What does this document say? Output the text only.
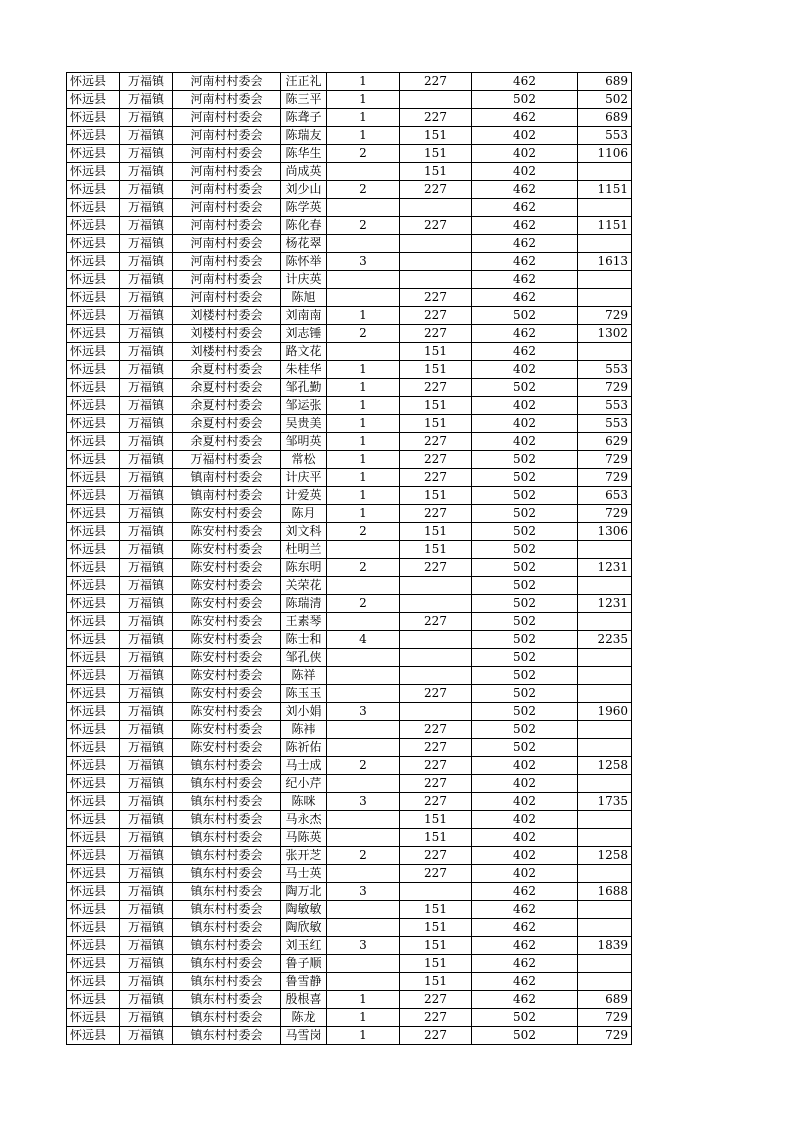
怀远县	万福镇	河南村村委会	汪正礼	1	227	462	689
怀远县	万福镇	河南村村委会	陈三平	1		502	502
怀远县	万福镇	河南村村委会	陈聋子	1	227	462	689
怀远县	万福镇	河南村村委会	陈瑞友	1	151	402	553
怀远县	万福镇	河南村村委会	陈华生	2	151	402	1106
怀远县	万福镇	河南村村委会	尚成英		151	402	
怀远县	万福镇	河南村村委会	刘少山	2	227	462	1151
怀远县	万福镇	河南村村委会	陈学英			462	
怀远县	万福镇	河南村村委会	陈化春	2	227	462	1151
怀远县	万福镇	河南村村委会	杨花翠			462	
怀远县	万福镇	河南村村委会	陈怀举	3		462	1613
怀远县	万福镇	河南村村委会	计庆英			462	
怀远县	万福镇	河南村村委会	陈旭		227	462	
怀远县	万福镇	刘楼村村委会	刘南南	1	227	502	729
怀远县	万福镇	刘楼村村委会	刘志锤	2	227	462	1302
怀远县	万福镇	刘楼村村委会	路文花		151	462	
怀远县	万福镇	余夏村村委会	朱桂华	1	151	402	553
怀远县	万福镇	余夏村村委会	邹孔勤	1	227	502	729
怀远县	万福镇	余夏村村委会	邹运张	1	151	402	553
怀远县	万福镇	余夏村村委会	吴贵美	1	151	402	553
怀远县	万福镇	余夏村村委会	邹明英	1	227	402	629
怀远县	万福镇	万福村村委会	常松	1	227	502	729
怀远县	万福镇	镇南村村委会	计庆平	1	227	502	729
怀远县	万福镇	镇南村村委会	计爱英	1	151	502	653
怀远县	万福镇	陈安村村委会	陈月	1	227	502	729
怀远县	万福镇	陈安村村委会	刘文科	2	151	502	1306
怀远县	万福镇	陈安村村委会	杜明兰		151	502	
怀远县	万福镇	陈安村村委会	陈东明	2	227	502	1231
怀远县	万福镇	陈安村村委会	关荣花			502	
怀远县	万福镇	陈安村村委会	陈瑞清	2		502	1231
怀远县	万福镇	陈安村村委会	王素琴		227	502	
怀远县	万福镇	陈安村村委会	陈士和	4		502	2235
怀远县	万福镇	陈安村村委会	邹孔侠			502	
怀远县	万福镇	陈安村村委会	陈祥			502	
怀远县	万福镇	陈安村村委会	陈玉玉		227	502	
怀远县	万福镇	陈安村村委会	刘小娟	3		502	1960
怀远县	万福镇	陈安村村委会	陈袆		227	502	
怀远县	万福镇	陈安村村委会	陈祈佑		227	502	
怀远县	万福镇	镇东村村委会	马士成	2	227	402	1258
怀远县	万福镇	镇东村村委会	纪小芹		227	402	
怀远县	万福镇	镇东村村委会	陈咪	3	227	402	1735
怀远县	万福镇	镇东村村委会	马永杰		151	402	
怀远县	万福镇	镇东村村委会	马陈英		151	402	
怀远县	万福镇	镇东村村委会	张开芝	2	227	402	1258
怀远县	万福镇	镇东村村委会	马士英		227	402	
怀远县	万福镇	镇东村村委会	陶万北	3		462	1688
怀远县	万福镇	镇东村村委会	陶敏敏		151	462	
怀远县	万福镇	镇东村村委会	陶欣敏		151	462	
怀远县	万福镇	镇东村村委会	刘玉红	3	151	462	1839
怀远县	万福镇	镇东村村委会	鲁子顺		151	462	
怀远县	万福镇	镇东村村委会	鲁雪静		151	462	
怀远县	万福镇	镇东村村委会	殷根喜	1	227	462	689
怀远县	万福镇	镇东村村委会	陈龙	1	227	502	729
怀远县	万福镇	镇东村村委会	马雪岗	1	227	502	729
